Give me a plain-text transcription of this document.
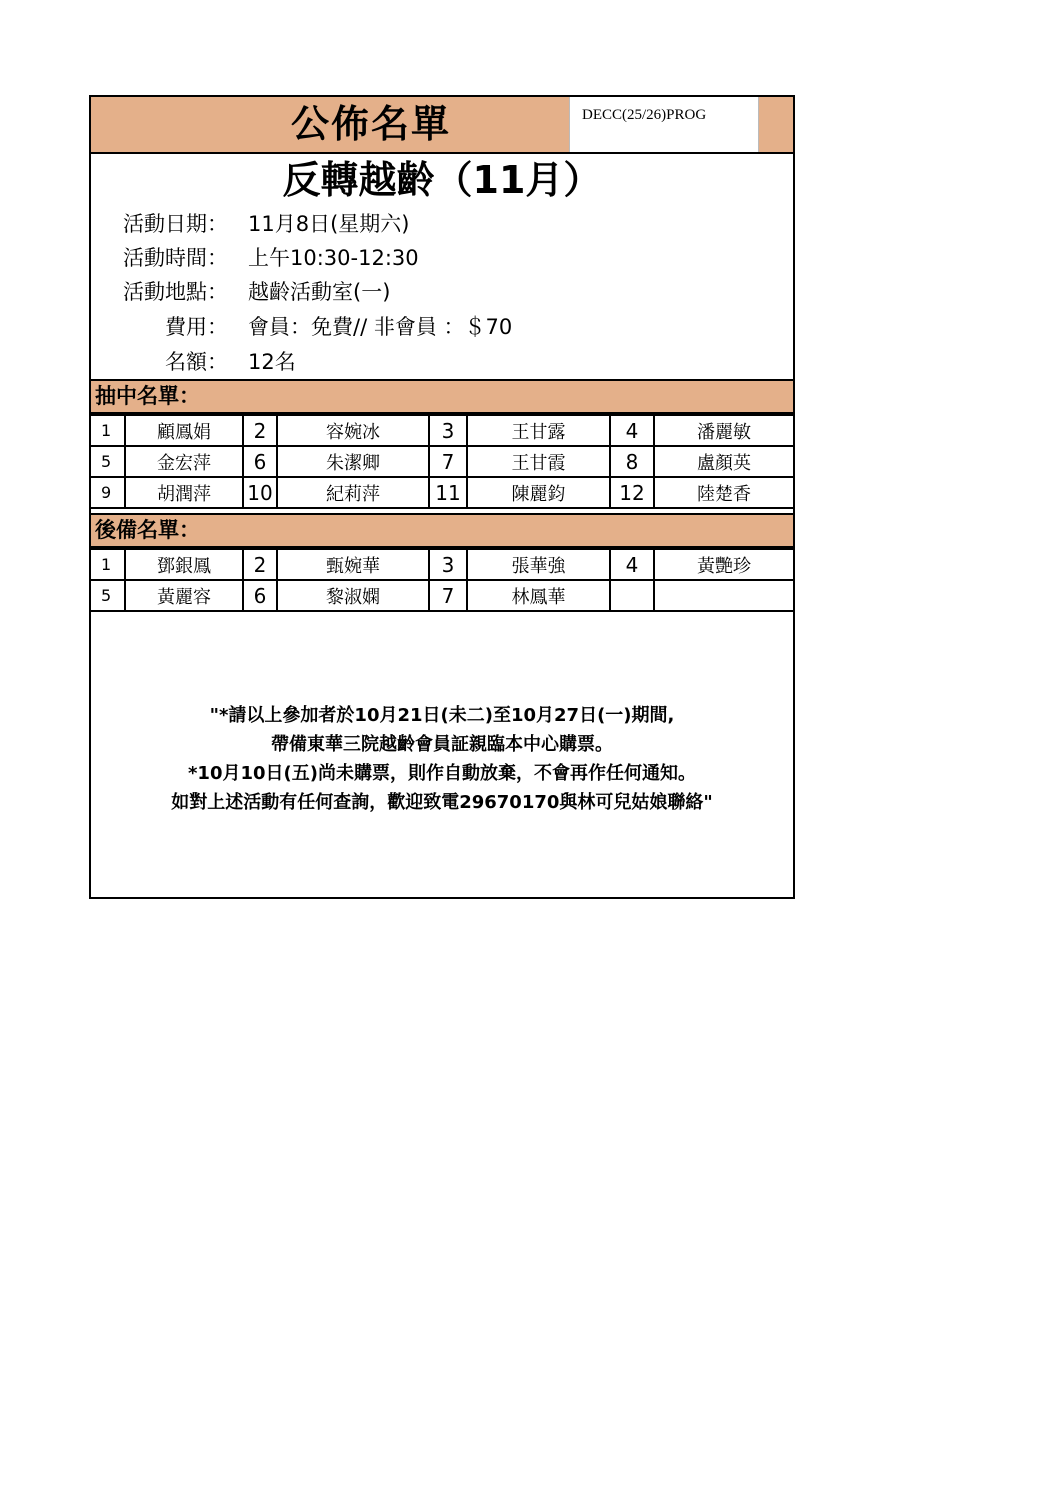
公佈名單	DECC(25/26)PROG
反轉越齡（11月）
活動日期： 11月8日(星期六)
活動時間： 上午10:30-12:30
活動地點： 越齡活動室(一)
費用： 會員：免費// 非會員 ：＄70
名額： 12名
抽中名單：
1	顧鳳娟	2	容婉冰	3	王甘露	4	潘麗敏
5	金宏萍	6	朱潔卿	7	王甘霞	8	盧顏英
9	胡潤萍	10	紀莉萍	11	陳麗鈞	12	陸楚香
後備名單：
1	鄧銀鳳	2	甄婉華	3	張華強	4	黃艷珍
5	黃麗容	6	黎淑嫻	7	林鳳華		
"*請以上參加者於10月21日(未二)至10月27日(一)期間,
帶備東華三院越齡會員証親臨本中心購票。
*10月10日(五)尚未購票，則作自動放棄，不會再作任何通知。
如對上述活動有任何查詢，歡迎致電29670170與林可兒姑娘聯絡"
